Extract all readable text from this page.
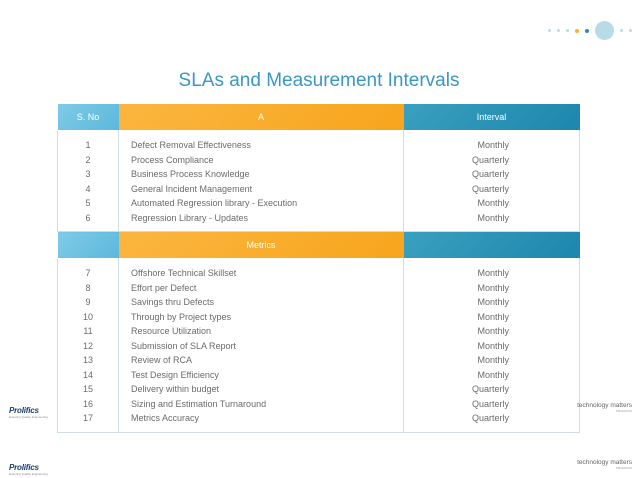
SLAs and Measurement Intervals
S. No	A	Interval

1	Defect Removal Effectiveness	Monthly
2	Process Compliance	Quarterly
3	Business Process Knowledge	Quarterly
4	General Incident Management	Quarterly
5	Automated Regression library - Execution	Monthly
6	Regression Library - Updates	Monthly

	Metrics	

7	Offshore Technical Skillset	Monthly
8	Effort per Defect	Monthly
9	Savings thru Defects	Monthly
10	Through by Project types	Monthly
11	Resource Utilization	Monthly
12	Submission of SLA Report	Monthly
13	Review of RCA	Monthly
14	Test Design Efficiency	Monthly
15	Delivery within budget	Quarterly
16	Sizing and Estimation Turnaround	Quarterly
17	Metrics Accuracy	Quarterly

Prolifics
Ensuring Quality Engineering
technology matters
PROLIFICS
Prolifics
Ensuring Quality Engineering
technology matters
PROLIFICS
